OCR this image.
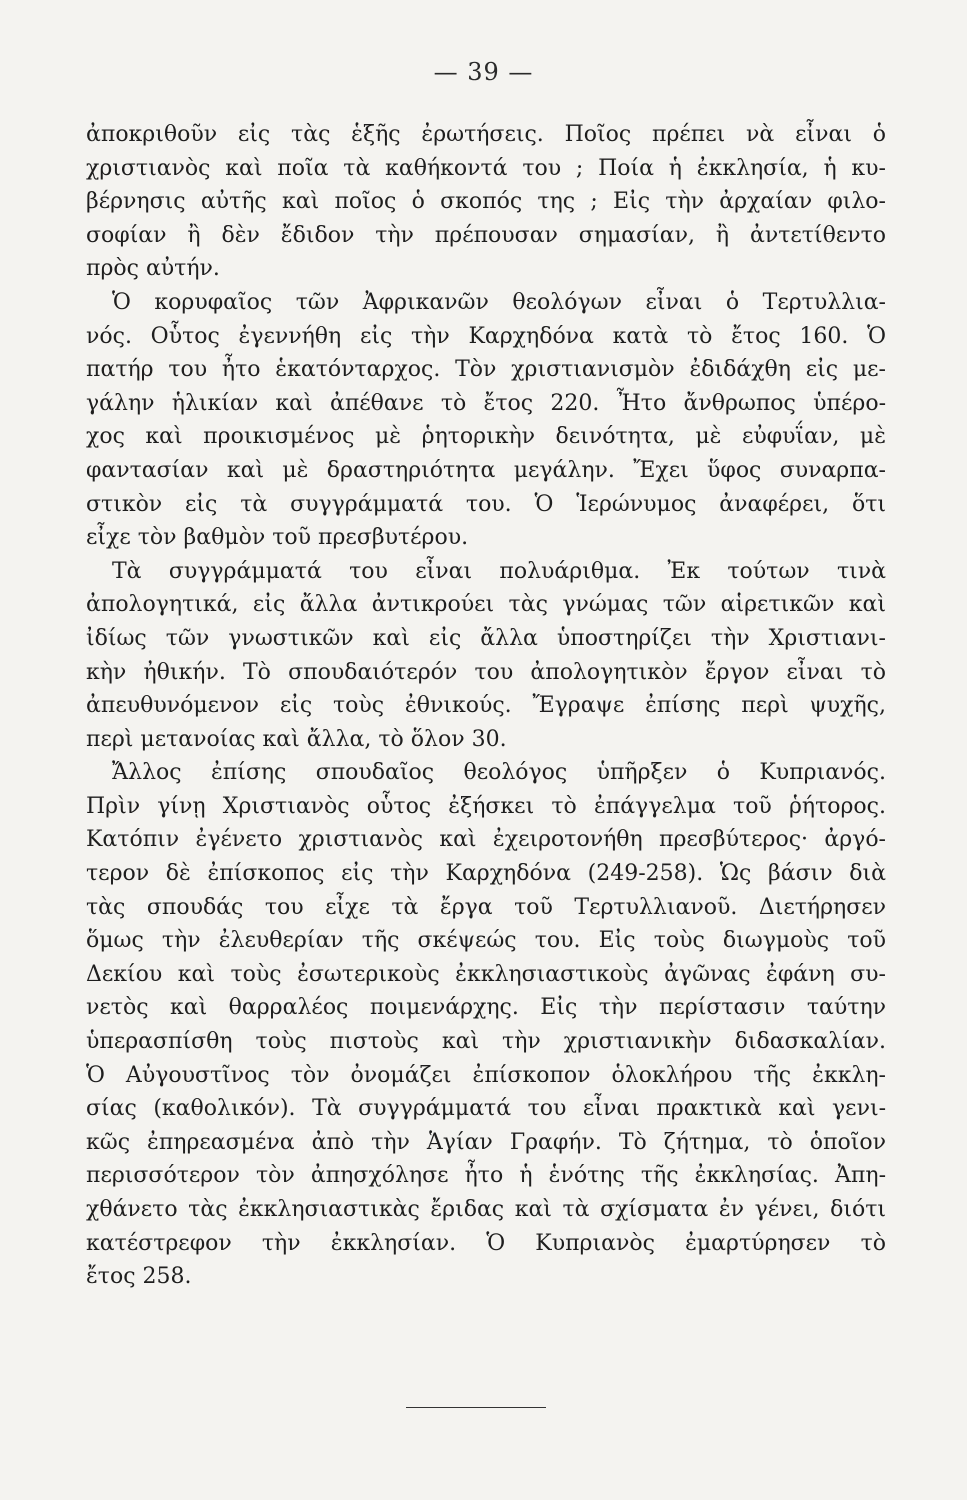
— 39 —
ἀποκριθοῦν εἰς τὰς ἑξῆς ἐρωτήσεις. Ποῖος πρέπει νὰ εἶναι ὁ
χριστιανὸς καὶ ποῖα τὰ καθήκοντά του ; Ποία ἡ ἐκκλησία, ἡ κυ-
βέρνησις αὐτῆς καὶ ποῖος ὁ σκοπός της ; Εἰς τὴν ἀρχαίαν φιλο-
σοφίαν ἢ δὲν ἔδιδον τὴν πρέπουσαν σημασίαν, ἢ ἀντετίθεντο
πρὸς αὐτήν.
Ὁ κορυφαῖος τῶν Ἀφρικανῶν θεολόγων εἶναι ὁ Τερτυλλια-
νός. Οὗτος ἐγεννήθη εἰς τὴν Καρχηδόνα κατὰ τὸ ἔτος 160. Ὁ
πατήρ του ἦτο ἑκατόνταρχος. Τὸν χριστιανισμὸν ἐδιδάχθη εἰς με-
γάλην ἡλικίαν καὶ ἀπέθανε τὸ ἔτος 220. Ἦτο ἄνθρωπος ὑπέρο-
χος καὶ προικισμένος μὲ ῥητορικὴν δεινότητα, μὲ εὐφυΐαν, μὲ
φαντασίαν καὶ μὲ δραστηριότητα μεγάλην. Ἔχει ὕφος συναρπα-
στικὸν εἰς τὰ συγγράμματά του. Ὁ Ἱερώνυμος ἀναφέρει, ὅτι
εἶχε τὸν βαθμὸν τοῦ πρεσβυτέρου.
Τὰ συγγράμματά του εἶναι πολυάριθμα. Ἐκ τούτων τινὰ
ἀπολογητικά, εἰς ἄλλα ἀντικρούει τὰς γνώμας τῶν αἱρετικῶν καὶ
ἰδίως τῶν γνωστικῶν καὶ εἰς ἄλλα ὑποστηρίζει τὴν Χριστιανι-
κὴν ἠθικήν. Τὸ σπουδαιότερόν του ἀπολογητικὸν ἔργον εἶναι τὸ
ἀπευθυνόμενον εἰς τοὺς ἐθνικούς. Ἔγραψε ἐπίσης περὶ ψυχῆς,
περὶ μετανοίας καὶ ἄλλα, τὸ ὅλον 30.
Ἄλλος ἐπίσης σπουδαῖος θεολόγος ὑπῆρξεν ὁ Κυπριανός.
Πρὶν γίνῃ Χριστιανὸς οὗτος ἐξήσκει τὸ ἐπάγγελμα τοῦ ῥήτορος.
Κατόπιν ἐγένετο χριστιανὸς καὶ ἐχειροτονήθη πρεσβύτερος· ἀργό-
τερον δὲ ἐπίσκοπος εἰς τὴν Καρχηδόνα (249-258). Ὡς βάσιν διὰ
τὰς σπουδάς του εἶχε τὰ ἔργα τοῦ Τερτυλλιανοῦ. Διετήρησεν
ὅμως τὴν ἐλευθερίαν τῆς σκέψεώς του. Εἰς τοὺς διωγμοὺς τοῦ
Δεκίου καὶ τοὺς ἐσωτερικοὺς ἐκκλησιαστικοὺς ἀγῶνας ἐφάνη συ-
νετὸς καὶ θαρραλέος ποιμενάρχης. Εἰς τὴν περίστασιν ταύτην
ὑπερασπίσθη τοὺς πιστοὺς καὶ τὴν χριστιανικὴν διδασκαλίαν.
Ὁ Αὐγουστῖνος τὸν ὀνομάζει ἐπίσκοπον ὁλοκλήρου τῆς ἐκκλη-
σίας (καθολικόν). Τὰ συγγράμματά του εἶναι πρακτικὰ καὶ γενι-
κῶς ἐπηρεασμένα ἀπὸ τὴν Ἁγίαν Γραφήν. Τὸ ζήτημα, τὸ ὁποῖον
περισσότερον τὸν ἀπησχόλησε ἦτο ἡ ἑνότης τῆς ἐκκλησίας. Ἀπη-
χθάνετο τὰς ἐκκλησιαστικὰς ἔριδας καὶ τὰ σχίσματα ἐν γένει, διότι
κατέστρεφον τὴν ἐκκλησίαν. Ὁ Κυπριανὸς ἐμαρτύρησεν τὸ
ἔτος 258.
